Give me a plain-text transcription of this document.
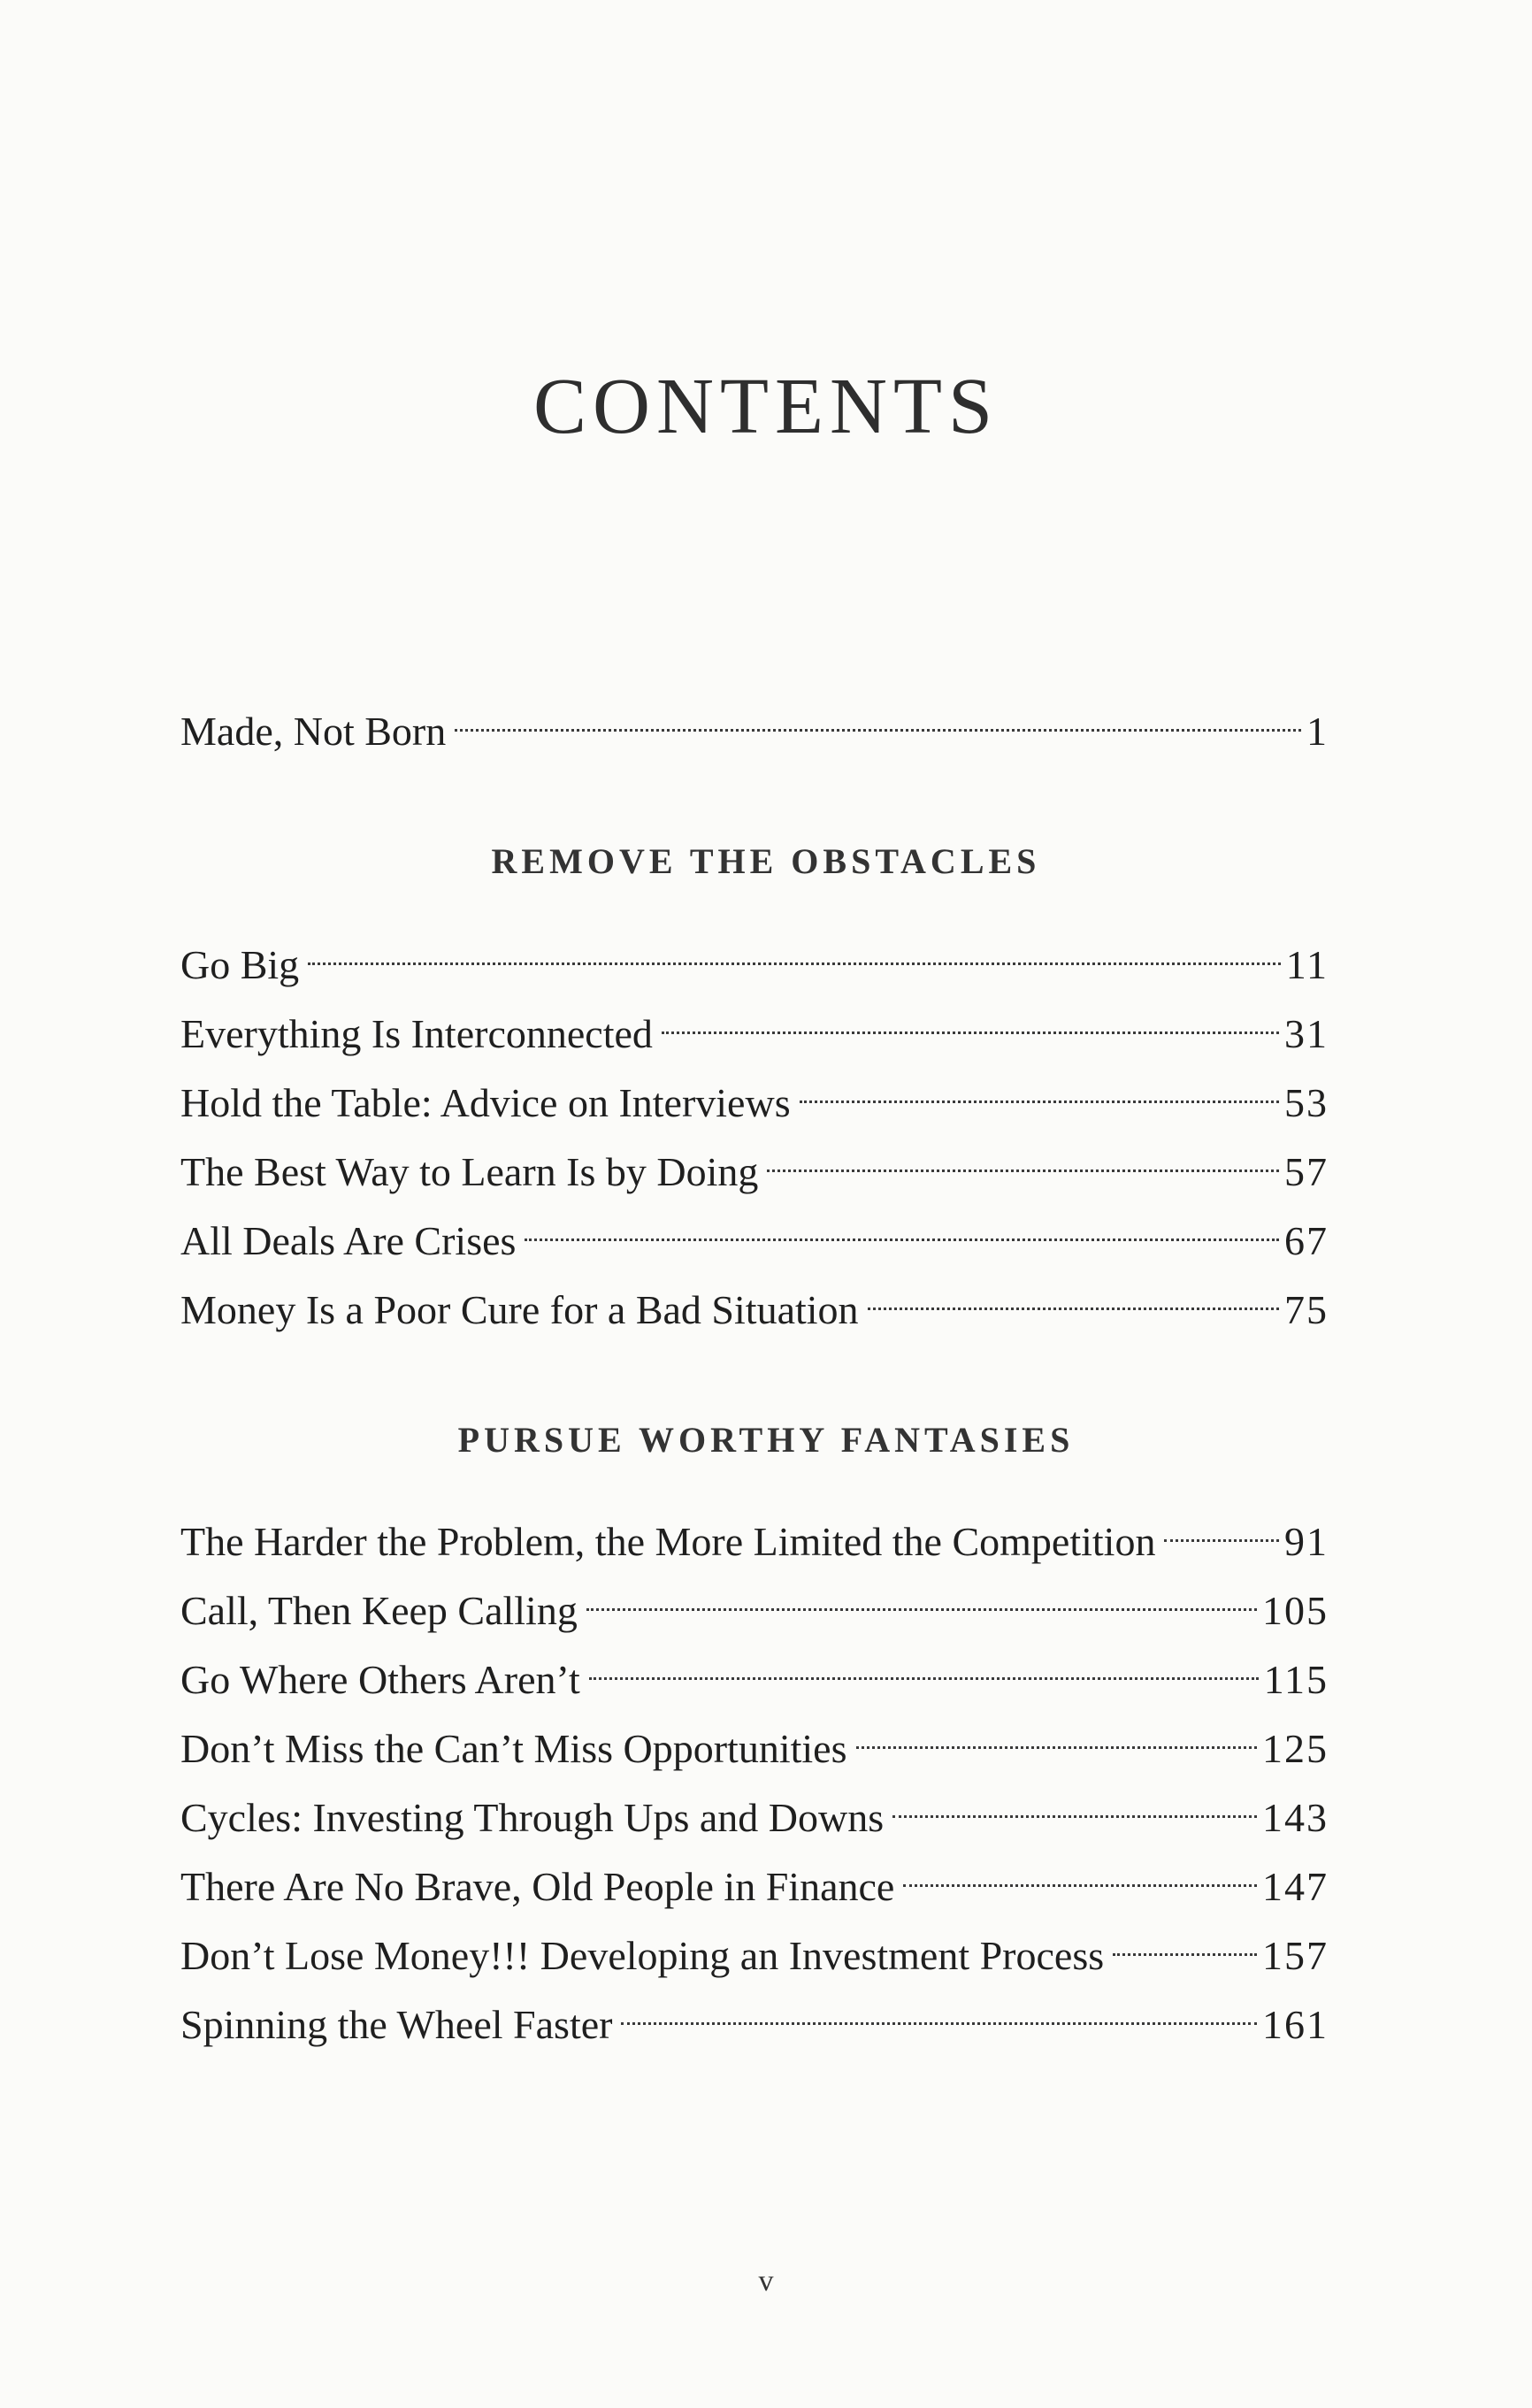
CONTENTS
Made, Not Born	1
REMOVE THE OBSTACLES
Go Big	11
Everything Is Interconnected	31
Hold the Table: Advice on Interviews	53
The Best Way to Learn Is by Doing	57
All Deals Are Crises	67
Money Is a Poor Cure for a Bad Situation	75
PURSUE WORTHY FANTASIES
The Harder the Problem, the More Limited the Competition	91
Call, Then Keep Calling	105
Go Where Others Aren’t	115
Don’t Miss the Can’t Miss Opportunities	125
Cycles: Investing Through Ups and Downs	143
There Are No Brave, Old People in Finance	147
Don’t Lose Money!!! Developing an Investment Process	157
Spinning the Wheel Faster	161
v
